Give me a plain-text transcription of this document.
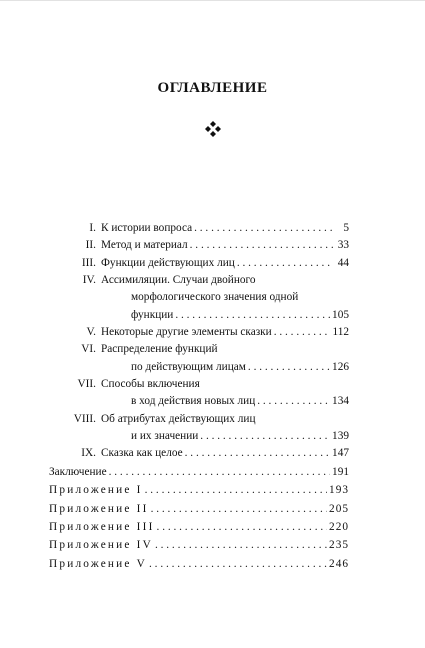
ОГЛАВЛЕНИЕ
I. К истории вопроса . . .	5
II. Метод и материал . . .	33
III. Функции действующих лиц . . .	44
IV. Ассимиляции. Случаи двойного
морфологического значения одной
функции . . .	105
V. Некоторые другие элементы сказки . . .	112
VI. Распределение функций
по действующим лицам . . .	126
VII. Способы включения
в ход действия новых лиц . . .	134
VIII. Об атрибутах действующих лиц
и их значении . . .	139
IX. Сказка как целое . . .	147
Заключение . . .	191
Приложение I . . .	193
Приложение II . . .	205
Приложение III . . .	220
Приложение IV . . .	235
Приложение V . . .	246
